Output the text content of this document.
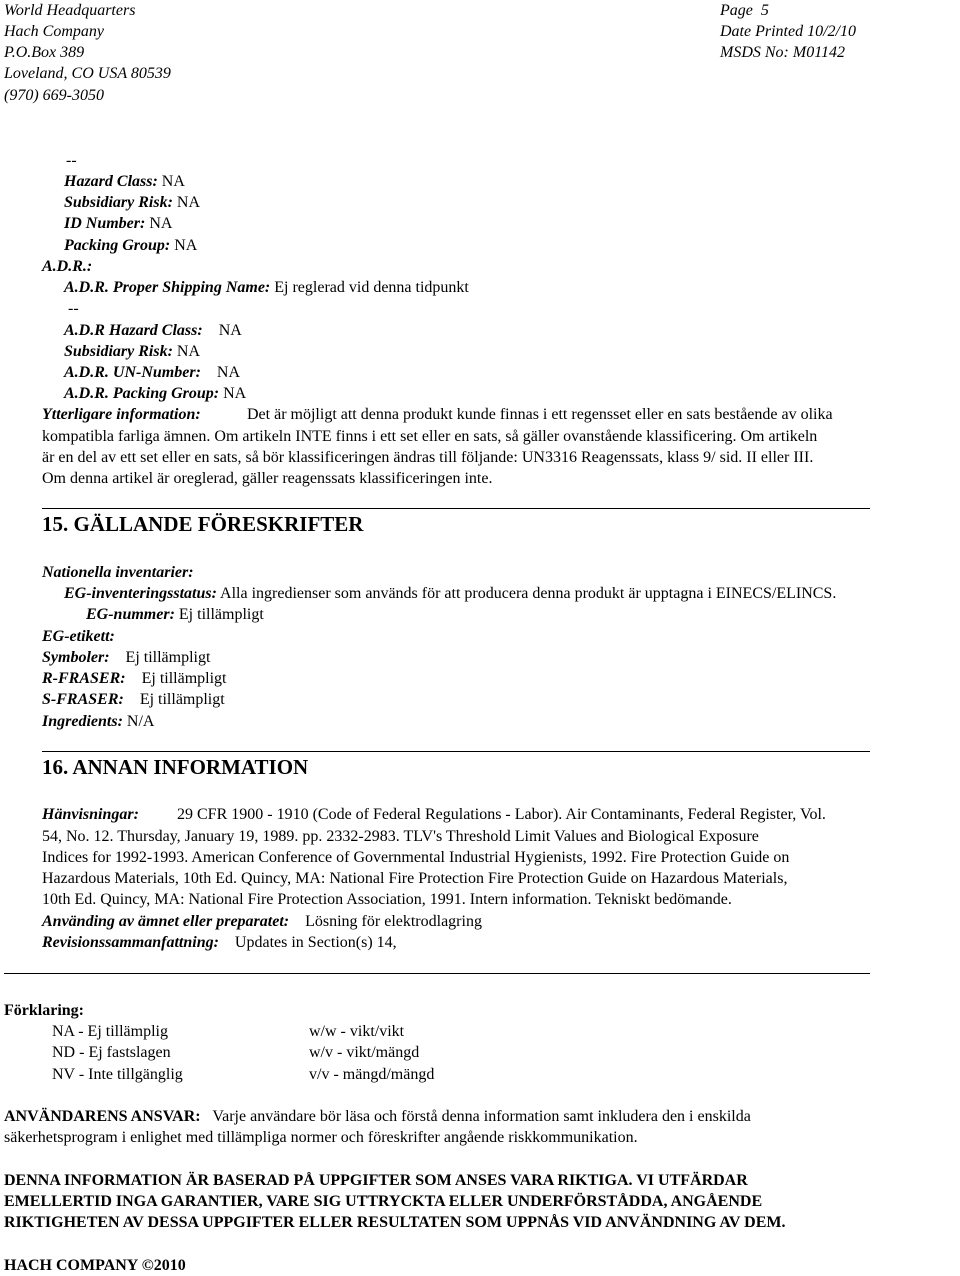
World Headquarters
Hach Company
P.O.Box 389
Loveland, CO USA 80539
(970) 669-3050
Page 5
Date Printed 10/2/10
MSDS No: M01142
--
Hazard Class: NA
Subsidiary Risk: NA
ID Number: NA
Packing Group: NA
A.D.R.:
A.D.R. Proper Shipping Name: Ej reglerad vid denna tidpunkt
--
A.D.R Hazard Class: NA
Subsidiary Risk: NA
A.D.R. UN-Number: NA
A.D.R. Packing Group: NA
Ytterligare information:	Det är möjligt att denna produkt kunde finnas i ett regensset eller en sats bestående av olika
kompatibla farliga ämnen. Om artikeln INTE finns i ett set eller en sats, så gäller ovanstående klassificering. Om artikeln
är en del av ett set eller en sats, så bör klassificeringen ändras till följande: UN3316 Reagenssats, klass 9/ sid. II eller III.
Om denna artikel är oreglerad, gäller reagenssats klassificeringen inte.
15. GÄLLANDE FÖRESKRIFTER
Nationella inventarier:
EG-inventeringsstatus: Alla ingredienser som används för att producera denna produkt är upptagna i EINECS/ELINCS.
EG-nummer: Ej tillämpligt
EG-etikett:
Symboler: Ej tillämpligt
R-FRASER: Ej tillämpligt
S-FRASER: Ej tillämpligt
Ingredients: N/A
16. ANNAN INFORMATION
Hänvisningar: 29 CFR 1900 - 1910 (Code of Federal Regulations - Labor). Air Contaminants, Federal Register, Vol.
54, No. 12. Thursday, January 19, 1989. pp. 2332-2983. TLV's Threshold Limit Values and Biological Exposure
Indices for 1992-1993. American Conference of Governmental Industrial Hygienists, 1992. Fire Protection Guide on
Hazardous Materials, 10th Ed. Quincy, MA: National Fire Protection Fire Protection Guide on Hazardous Materials,
10th Ed. Quincy, MA: National Fire Protection Association, 1991. Intern information. Tekniskt bedömande.
Använding av ämnet eller preparatet: Lösning för elektrodlagring
Revisionssammanfattning: Updates in Section(s) 14,
Förklaring:
NA - Ej tillämplig
ND - Ej fastslagen
NV - Inte tillgänglig
w/w - vikt/vikt
w/v - vikt/mängd
v/v - mängd/mängd
ANVÄNDARENS ANSVAR: Varje användare bör läsa och förstå denna information samt inkludera den i enskilda
säkerhetsprogram i enlighet med tillämpliga normer och föreskrifter angående riskkommunikation.
DENNA INFORMATION ÄR BASERAD PÅ UPPGIFTER SOM ANSES VARA RIKTIGA. VI UTFÄRDAR
EMELLERTID INGA GARANTIER, VARE SIG UTTRYCKTA ELLER UNDERFÖRSTÅDDA, ANGÅENDE
RIKTIGHETEN AV DESSA UPPGIFTER ELLER RESULTATEN SOM UPPNÅS VID ANVÄNDNING AV DEM.
HACH COMPANY ©2010
